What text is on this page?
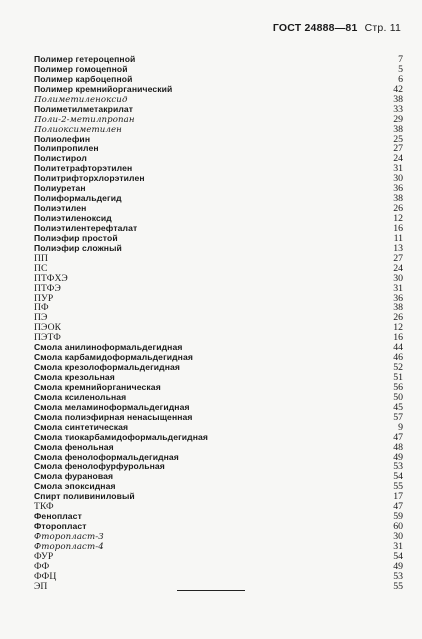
ГОСТ 24888—81 Стр. 11
Полимер гетероцепной	7
Полимер гомоцепной	5
Полимер карбоцепной	6
Полимер кремнийорганический	42
Полиметиленоксид	38
Полиметилметакрилат	33
Поли-2-метилпропан	29
Полиоксиметилен	38
Полиолефин	25
Полипропилен	27
Полистирол	24
Политетрафторэтилен	31
Политрифторхлорэтилен	30
Полиуретан	36
Полиформальдегид	38
Полиэтилен	26
Полиэтиленоксид	12
Полиэтилентерефталат	16
Полиэфир простой	11
Полиэфир сложный	13
ПП	27
ПС	24
ПТФХЭ	30
ПТФЭ	31
ПУР	36
ПФ	38
ПЭ	26
ПЭОК	12
ПЭТФ	16
Смола анилиноформальдегидная	44
Смола карбамидоформальдегидная	46
Смола крезолоформальдегидная	52
Смола крезольная	51
Смола кремнийорганическая	56
Смола ксиленольная	50
Смола меламиноформальдегидная	45
Смола полиэфирная ненасыщенная	57
Смола синтетическая	9
Смола тиокарбамидоформальдегидная	47
Смола фенольная	48
Смола фенолоформальдегидная	49
Смола фенолофурфурольная	53
Смола фурановая	54
Смола эпоксидная	55
Спирт поливиниловый	17
ТКФ	47
Фенопласт	59
Фторопласт	60
Фторопласт-3	30
Фторопласт-4	31
ФУР	54
ФФ	49
ФФЦ	53
ЭП	55
